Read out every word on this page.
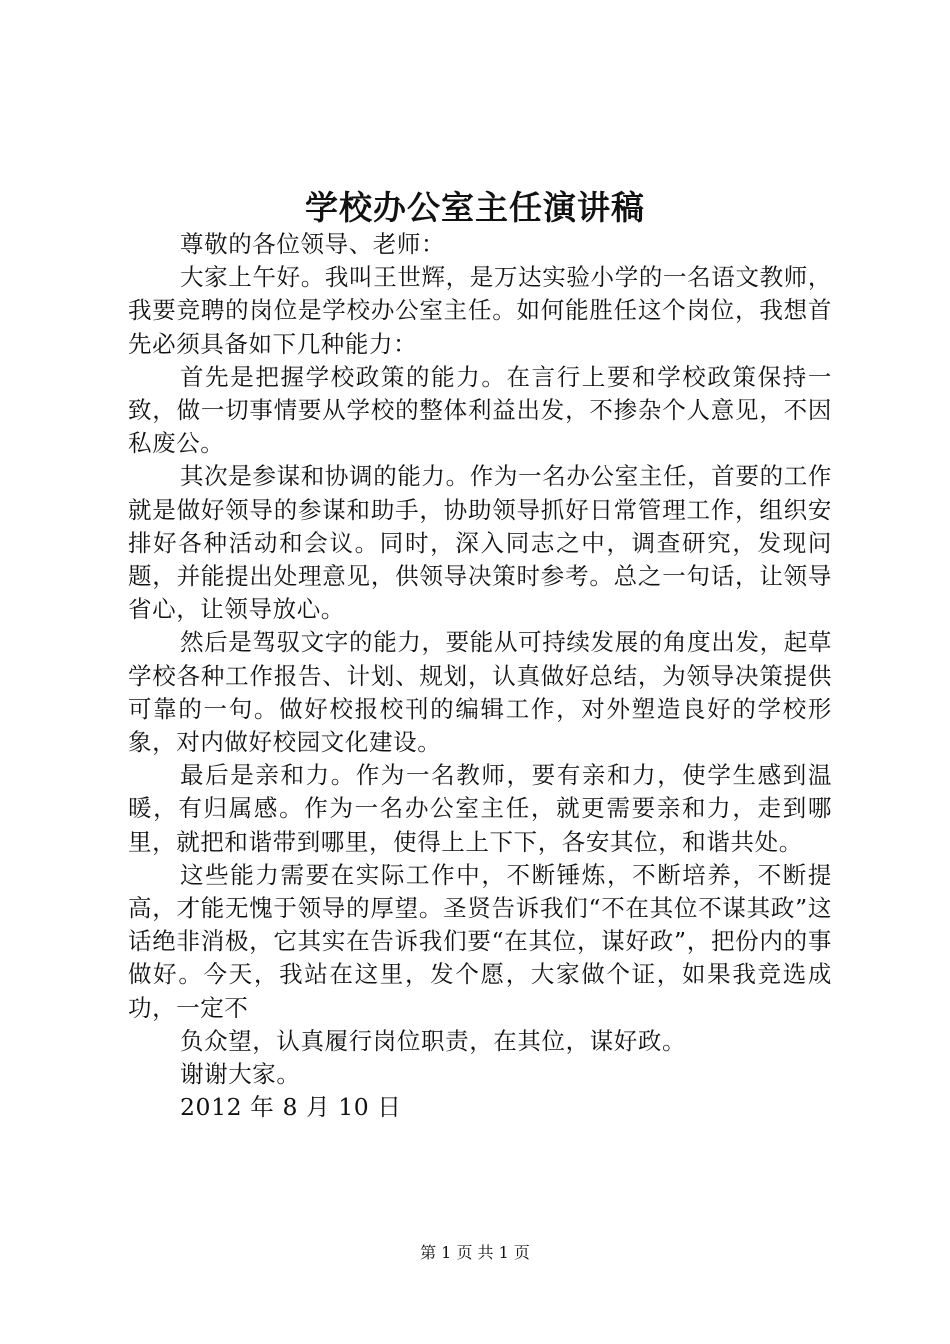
学校办公室主任演讲稿

尊敬的各位领导、老师：

大家上午好。我叫王世辉，是万达实验小学的一名语文教师，我要竞聘的岗位是学校办公室主任。如何能胜任这个岗位，我想首先必须具备如下几种能力：

首先是把握学校政策的能力。在言行上要和学校政策保持一致，做一切事情要从学校的整体利益出发，不掺杂个人意见，不因私废公。

其次是参谋和协调的能力。作为一名办公室主任，首要的工作就是做好领导的参谋和助手，协助领导抓好日常管理工作，组织安排好各种活动和会议。同时，深入同志之中，调查研究，发现问题，并能提出处理意见，供领导决策时参考。总之一句话，让领导省心，让领导放心。

然后是驾驭文字的能力，要能从可持续发展的角度出发，起草学校各种工作报告、计划、规划，认真做好总结，为领导决策提供可靠的一句。做好校报校刊的编辑工作，对外塑造良好的学校形象，对内做好校园文化建设。

最后是亲和力。作为一名教师，要有亲和力，使学生感到温暖，有归属感。作为一名办公室主任，就更需要亲和力，走到哪里，就把和谐带到哪里，使得上上下下，各安其位，和谐共处。

这些能力需要在实际工作中，不断锤炼，不断培养，不断提高，才能无愧于领导的厚望。圣贤告诉我们“不在其位不谋其政”这话绝非消极，它其实在告诉我们要“在其位，谋好政”，把份内的事做好。今天，我站在这里，发个愿，大家做个证，如果我竞选成功，一定不

负众望，认真履行岗位职责，在其位，谋好政。

谢谢大家。

2012 年 8 月 10 日

第 1 页 共 1 页
